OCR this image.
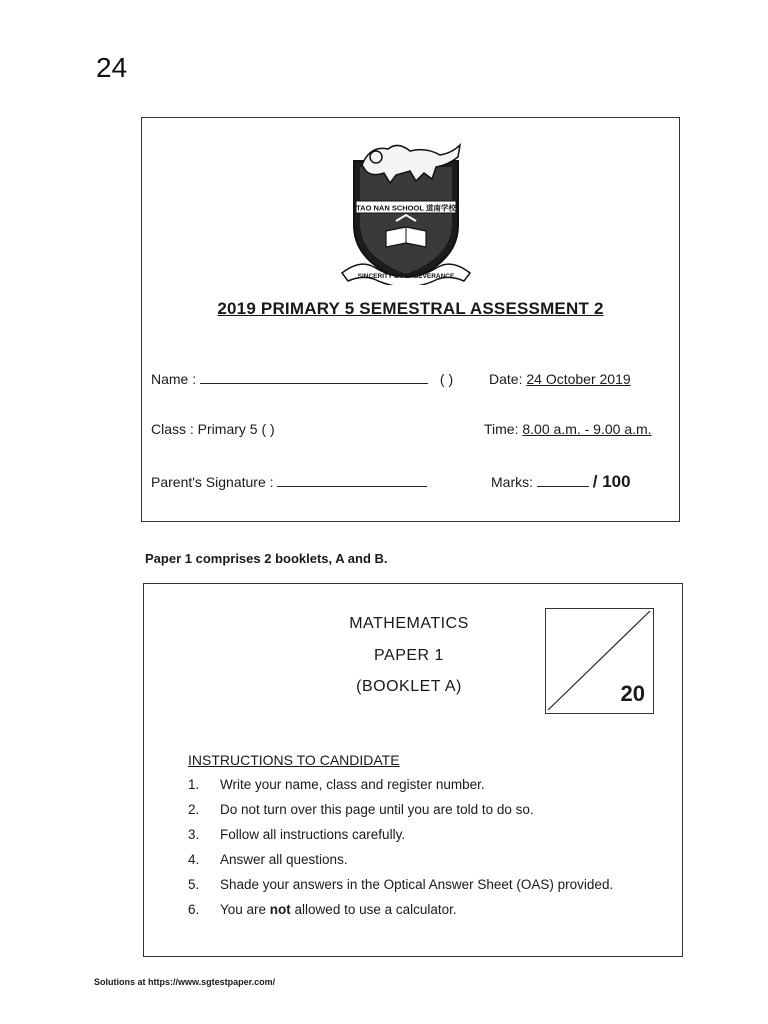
24
TAO NAN SCHOOL 道南学校
SINCERITY & PERSEVERANCE
2019 PRIMARY 5 SEMESTRAL ASSESSMENT 2
Name :	( )	Date: 24 October 2019
Class : Primary 5 ( )	Time: 8.00 a.m. - 9.00 a.m.
Parent's Signature :	Marks:	/ 100
Paper 1 comprises 2 booklets, A and B.
MATHEMATICS
PAPER 1
(BOOKLET A)	20
INSTRUCTIONS TO CANDIDATE
1. Write your name, class and register number.
2. Do not turn over this page until you are told to do so.
3. Follow all instructions carefully.
4. Answer all questions.
5. Shade your answers in the Optical Answer Sheet (OAS) provided.
6. You are not allowed to use a calculator.
Solutions at https://www.sgtestpaper.com/
